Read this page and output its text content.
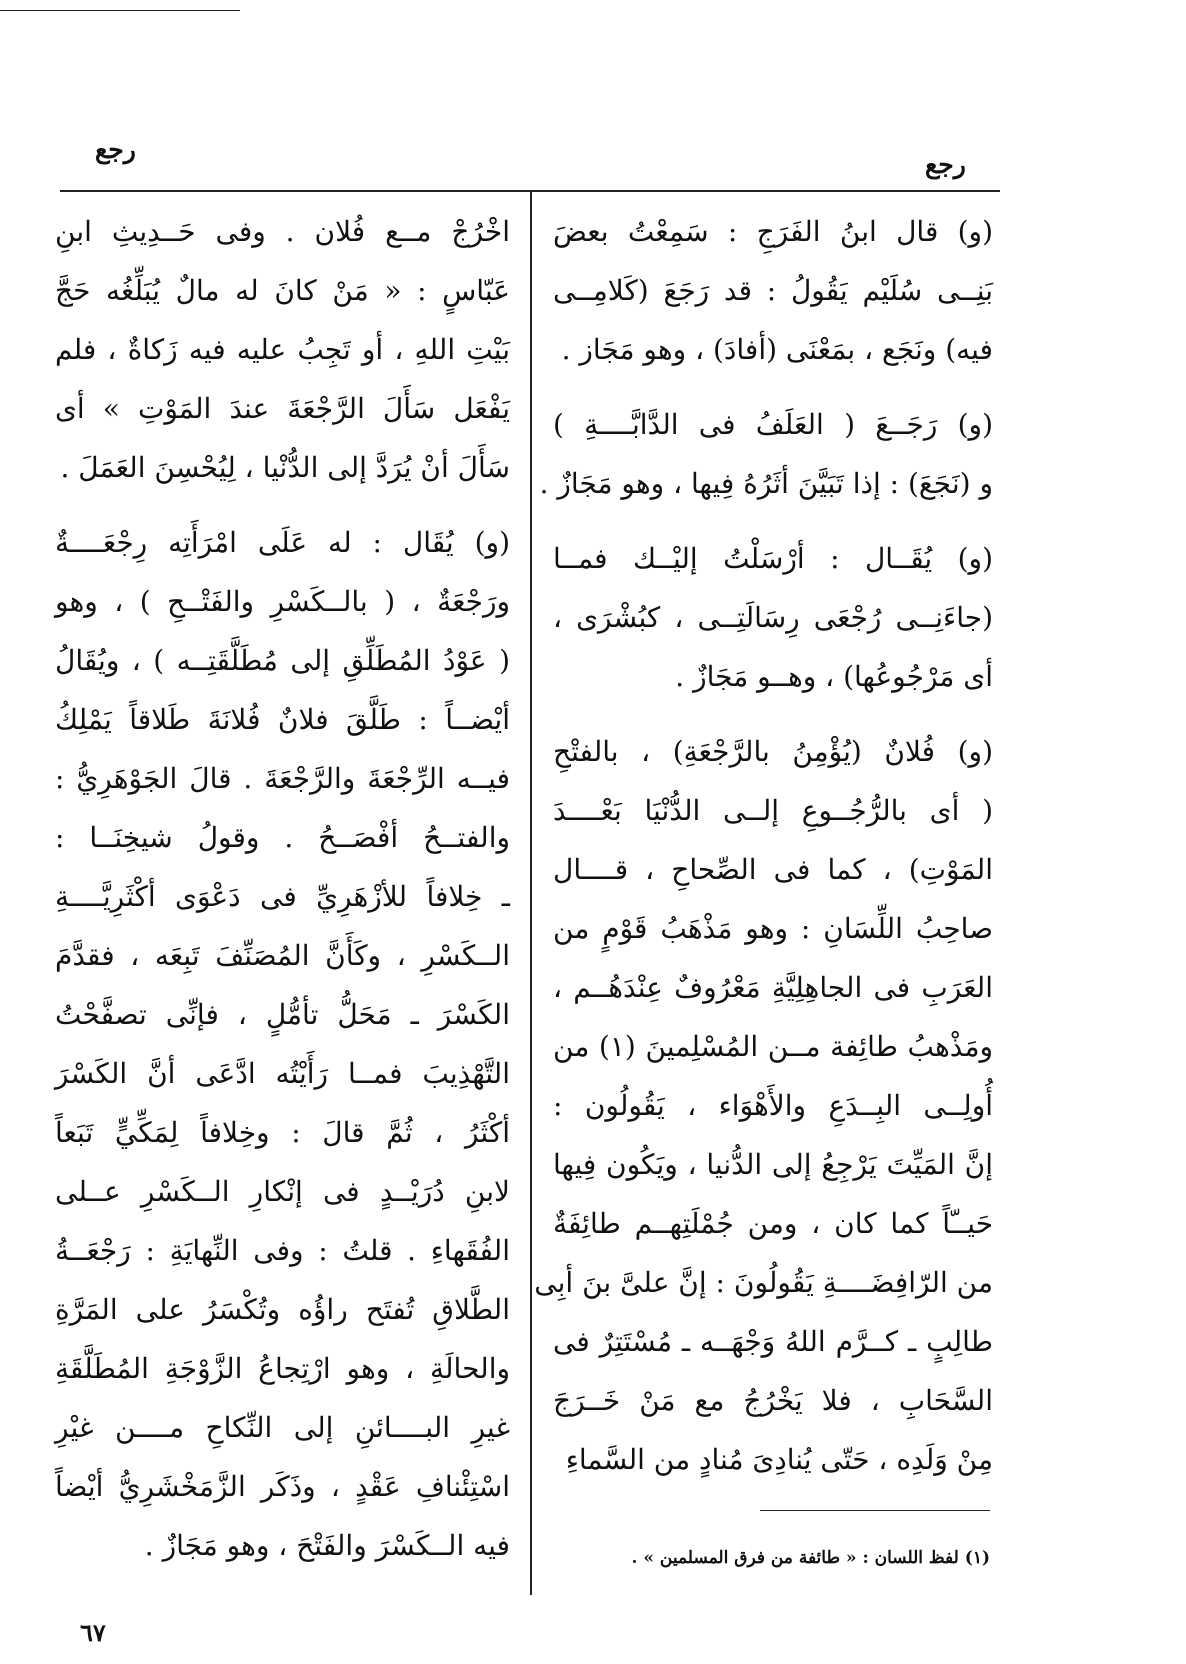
رجع
رجع

اخْرُجْ مــع فُلان . وفى حَــدِيثِ ابنِ

عَبّاسٍ : « مَنْ كانَ له مالٌ يُبَلِّغُه حَجَّ

بَيْتِ اللهِ ، أو تَجِبُ عليه فيه زَكاةٌ ، فلم

يَفْعَل سَأَلَ الرَّجْعَةَ عندَ المَوْتِ » أى

سَأَلَ أنْ يُرَدَّ إلى الدُّنْيا ، لِيُحْسِنَ العَمَلَ .

(و) يُقَال : له عَلَى امْرَأَتِه رِجْعَــــةٌ

ورَجْعَةٌ ، ( بالــكَسْرِ والفَتْــحِ ) ، وهو

( عَوْدُ المُطَلِّقِ إلى مُطَلَّقَتِــه ) ، ويُقَالُ

أيْضــاً : طَلَّقَ فلانٌ فُلانَةَ طَلاقاً يَمْلِكُ

فيــه الرِّجْعَةَ والرَّجْعَةَ . قالَ الجَوْهَرِيُّ :

والفتــحُ أفْصَــحُ . وقولُ شيخِنَــا :

ـ خِلافاً للأزْهَرِيِّ فى دَعْوَى أكْثَرِيَّــــةِ

الــكَسْرِ ، وكَأَنَّ المُصَنِّفَ تَبِعَه ، فقدَّمَ

الكَسْرَ ـ مَحَلُّ تأمُّلٍ ، فإنِّى تصفَّحْتُ

التَّهْذِيبَ فمــا رَأَيْتُه ادَّعَى أنَّ الكَسْرَ

أكْثَرُ ، ثُمَّ قالَ : وخِلافاً لِمَكِّيٍّ تَبَعاً

لابنِ دُرَيْــدٍ فى إنْكارِ الــكَسْرِ عــلى

الفُقَهاءِ . قلتُ : وفى النِّهايَةِ : رَجْعَــةُ

الطَّلاقِ تُفتَح راؤُه وتُكْسَرُ على المَرَّةِ

والحالَةِ ، وهو ارْتِجاعُ الزَّوْجَةِ المُطَلَّقَةِ

غيرِ البــــائنِ إلى النِّكاحِ مــــن غيْرِ

اسْتِئْنافِ عَقْدٍ ، وذَكَر الزَّمَخْشَرِيُّ أيْضاً

فيه الــكَسْرَ والفَتْحَ ، وهو مَجَازٌ .

(و) قال ابنُ الفَرَجِ : سَمِعْتُ بعضَ

بَنِــى سُلَيْم يَقُولُ : قد رَجَعَ (كَلامِــى

فيه) ونَجَع ، بمَعْنَى (أفادَ) ، وهو مَجَاز .

(و) رَجَــعَ ( العَلَفُ فى الدَّابَّــــةِ )

و (نَجَعَ) : إذا تَبَيَّنَ أثَرُهُ فِيها ، وهو مَجَازٌ .

(و) يُقَــال : أرْسَلْتُ إليْــك فمــا

(جاءَنِــى رُجْعَى رِسَالَتِــى ، كبُشْرَى ،

أى مَرْجُوعُها) ، وهــو مَجَازٌ .

(و) فُلانٌ (يُؤْمِنُ بالرَّجْعَةِ) ، بالفتْحِ

( أى بالرُّجُــوعِ إلــى الدُّنْيَا بَعْــــدَ

المَوْتِ) ، كما فى الصِّحاحِ ، قــــال

صاحِبُ اللِّسَانِ : وهو مَذْهَبُ قَوْمٍ من

العَرَبِ فى الجاهِلِيَّةِ مَعْرُوفٌ عِنْدَهُــم ،

ومَذْهبُ طائِفة مــن المُسْلِمينَ (١) من

أُولِــى البِــدَعِ والأَهْوَاء ، يَقُولُون :

إنَّ المَيِّتَ يَرْجِعُ إلى الدُّنيا ، ويَكُون فِيها

حَيــّاً كما كان ، ومن جُمْلَتِهــم طائِفَةٌ

من الرّافِضَــــةِ يَقُولُونَ : إنَّ علىَّ بنَ أبِى

طالِبٍ ـ كــرَّم اللهُ وَجْهَــه ـ مُسْتَتِرٌ فى

السَّحَابِ ، فلا يَخْرُجُ مع مَنْ خَــرَجَ

مِنْ وَلَدِه ، حَتّى يُنادِىَ مُنادٍ من السَّماءِ

(١) لفظ اللسان : « طائفة من فرق المسلمين » .
٦٧
